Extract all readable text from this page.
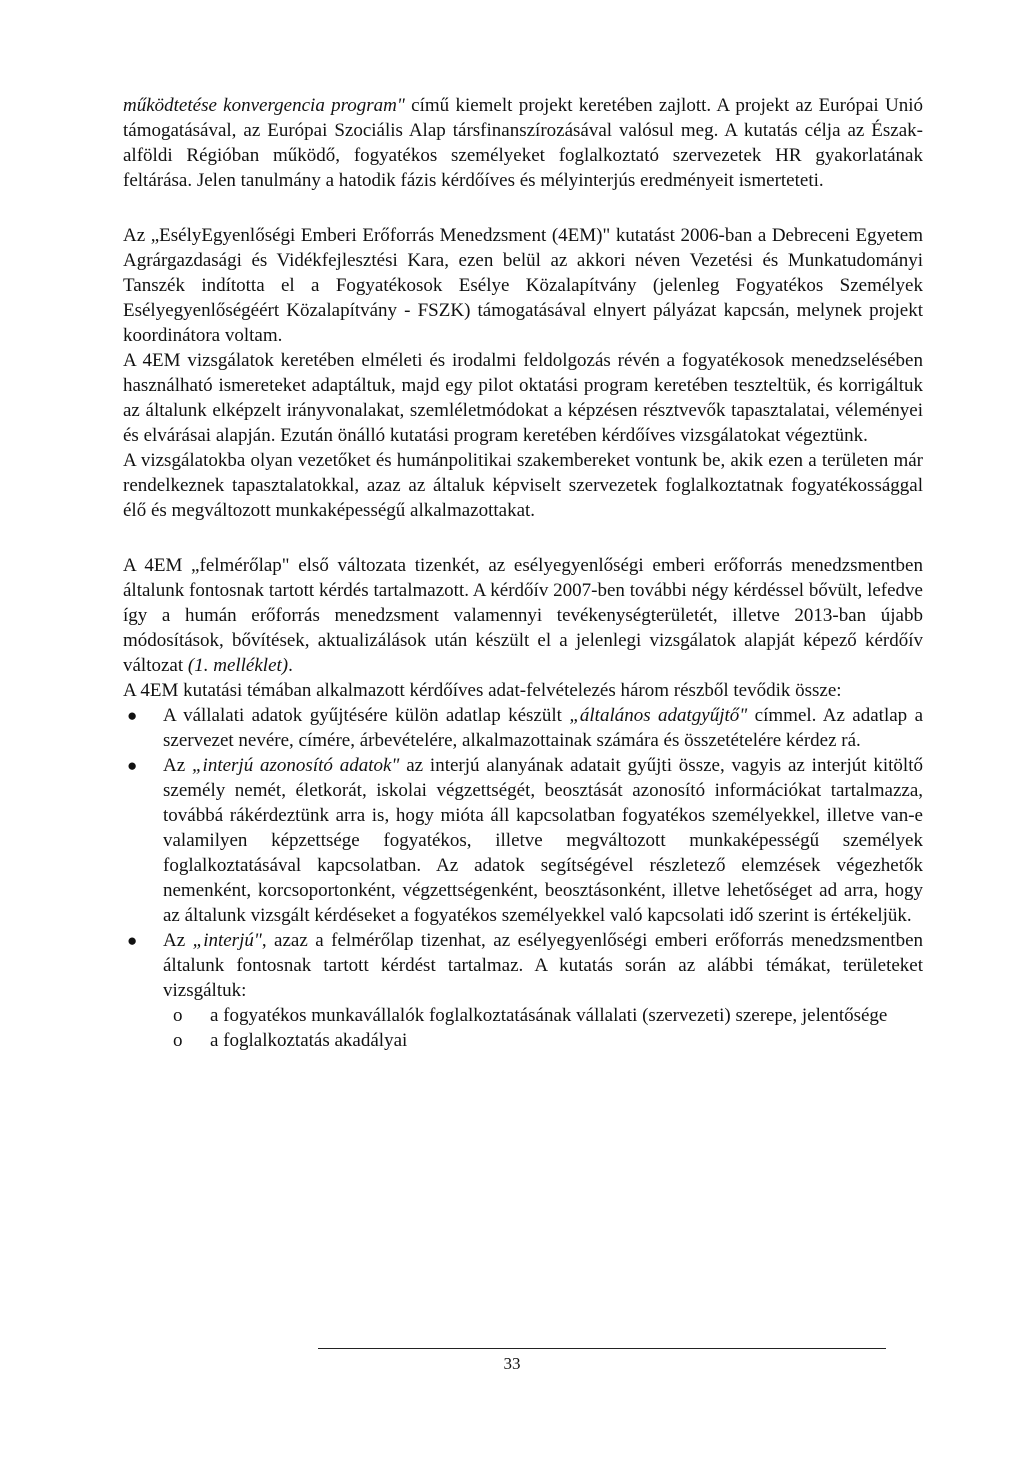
működtetése konvergencia program" című kiemelt projekt keretében zajlott. A projekt az Európai Unió támogatásával, az Európai Szociális Alap társfinanszírozásával valósul meg. A kutatás célja az Észak-alföldi Régióban működő, fogyatékos személyeket foglalkoztató szervezetek HR gyakorlatának feltárása. Jelen tanulmány a hatodik fázis kérdőíves és mélyinterjús eredményeit ismerteteti.

Az „EsélyEgyenlőségi Emberi Erőforrás Menedzsment (4EM)" kutatást 2006-ban a Debreceni Egyetem Agrárgazdasági és Vidékfejlesztési Kara, ezen belül az akkori néven Vezetési és Munkatudományi Tanszék indította el a Fogyatékosok Esélye Közalapítvány (jelenleg Fogyatékos Személyek Esélyegyenlőségéért Közalapítvány - FSZK) támogatásával elnyert pályázat kapcsán, melynek projekt koordinátora voltam.

A 4EM vizsgálatok keretében elméleti és irodalmi feldolgozás révén a fogyatékosok menedzselésében használható ismereteket adaptáltuk, majd egy pilot oktatási program keretében teszteltük, és korrigáltuk az általunk elképzelt irányvonalakat, szemléletmódokat a képzésen résztvevők tapasztalatai, véleményei és elvárásai alapján. Ezután önálló kutatási program keretében kérdőíves vizsgálatokat végeztünk.

A vizsgálatokba olyan vezetőket és humánpolitikai szakembereket vontunk be, akik ezen a területen már rendelkeznek tapasztalatokkal, azaz az általuk képviselt szervezetek foglalkoztatnak fogyatékossággal élő és megváltozott munkaképességű alkalmazottakat.

A 4EM „felmérőlap" első változata tizenkét, az esélyegyenlőségi emberi erőforrás menedzsmentben általunk fontosnak tartott kérdés tartalmazott. A kérdőív 2007-ben további négy kérdéssel bővült, lefedve így a humán erőforrás menedzsment valamennyi tevékenységterületét, illetve 2013-ban újabb módosítások, bővítések, aktualizálások után készült el a jelenlegi vizsgálatok alapját képező kérdőív változat (1. melléklet).

A 4EM kutatási témában alkalmazott kérdőíves adat-felvételezés három részből tevődik össze:

● A vállalati adatok gyűjtésére külön adatlap készült „általános adatgyűjtő" címmel. Az adatlap a szervezet nevére, címére, árbevételére, alkalmazottainak számára és összetételére kérdez rá.
● Az „interjú azonosító adatok" az interjú alanyának adatait gyűjti össze, vagyis az interjút kitöltő személy nemét, életkorát, iskolai végzettségét, beosztását azonosító információkat tartalmazza, továbbá rákérdeztünk arra is, hogy mióta áll kapcsolatban fogyatékos személyekkel, illetve van-e valamilyen képzettsége fogyatékos, illetve megváltozott munkaképességű személyek foglalkoztatásával kapcsolatban. Az adatok segítségével részletező elemzések végezhetők nemenként, korcsoportonként, végzettségenként, beosztásonként, illetve lehetőséget ad arra, hogy az általunk vizsgált kérdéseket a fogyatékos személyekkel való kapcsolati idő szerint is értékeljük.
● Az „interjú", azaz a felmérőlap tizenhat, az esélyegyenlőségi emberi erőforrás menedzsmentben általunk fontosnak tartott kérdést tartalmaz. A kutatás során az alábbi témákat, területeket vizsgáltuk:
o a fogyatékos munkavállalók foglalkoztatásának vállalati (szervezeti) szerepe, jelentősége
o a foglalkoztatás akadályai
33
